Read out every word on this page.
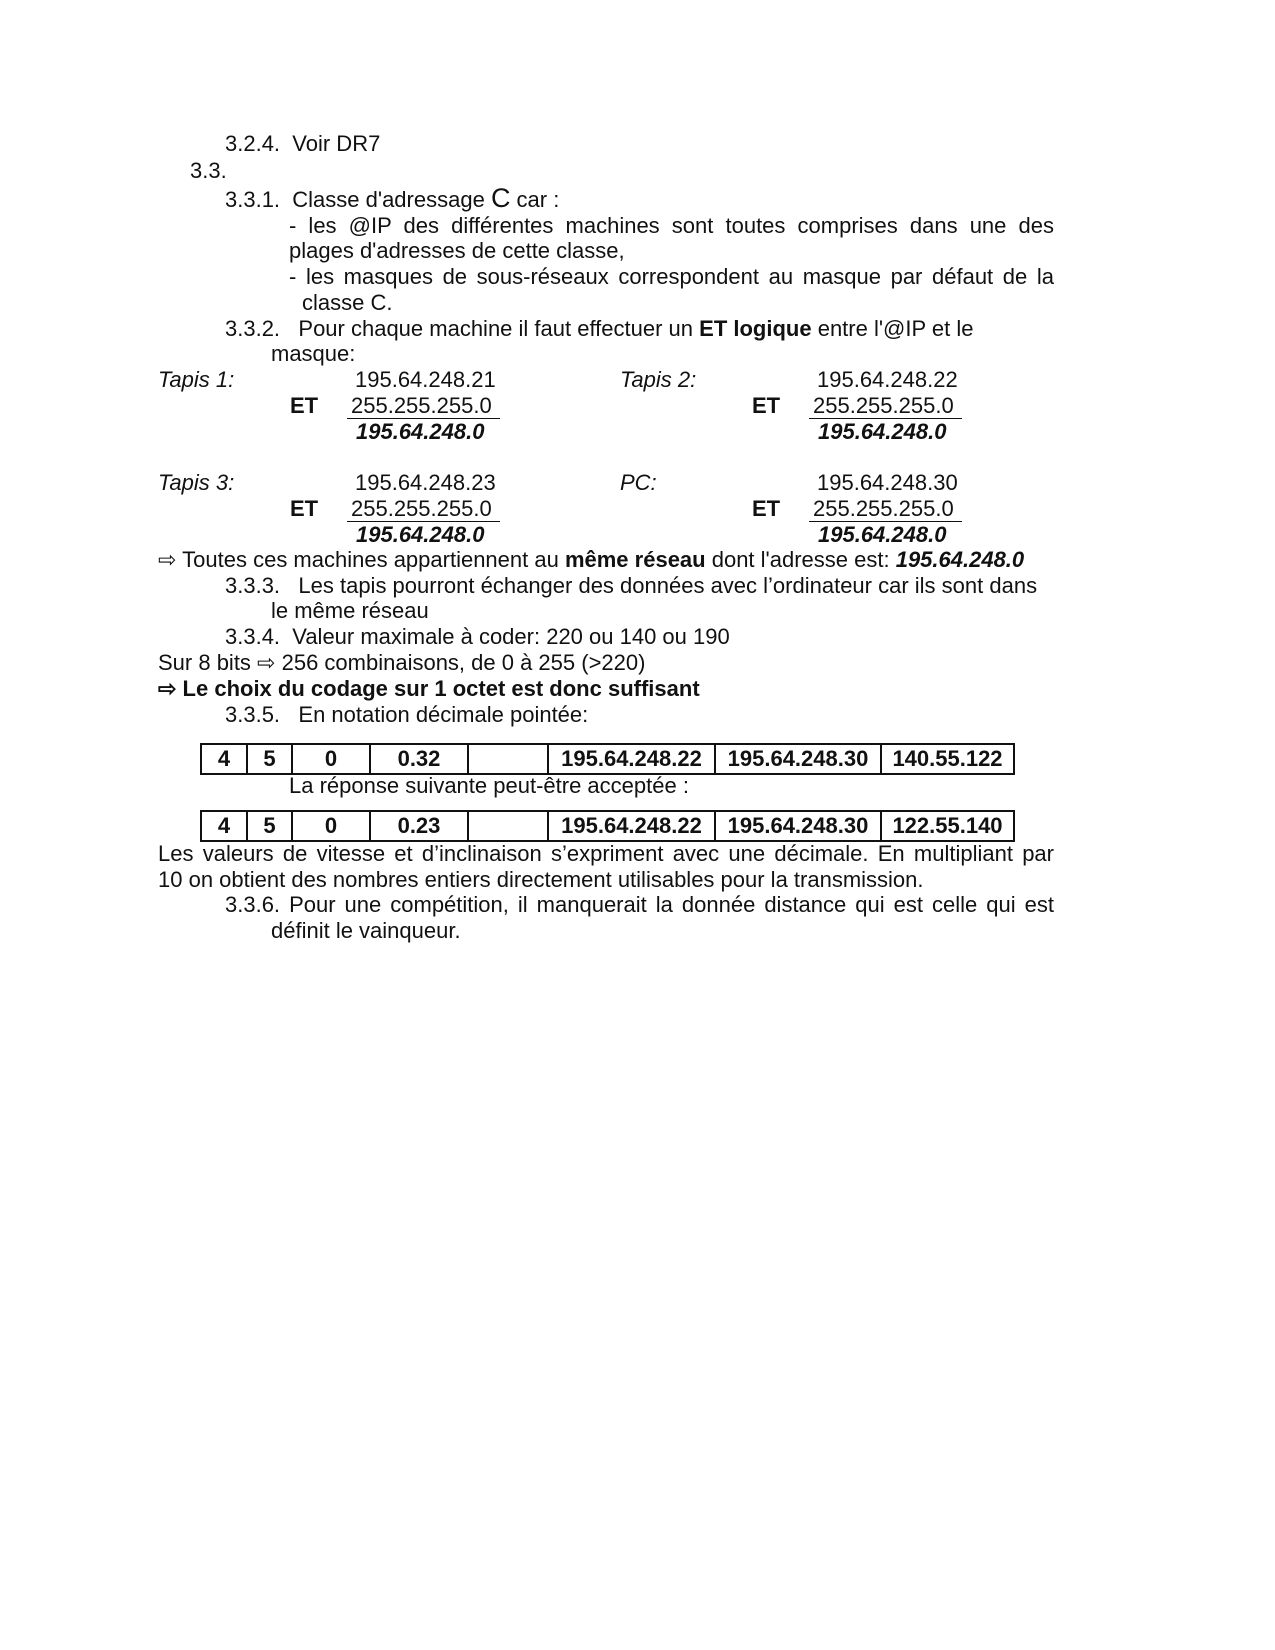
3.2.4. Voir DR7
3.3.
3.3.1. Classe d'adressage C car :
- les @IP des différentes machines sont toutes comprises dans une des
plages d'adresses de cette classe,
- les masques de sous-réseaux correspondent au masque par défaut de la
classe C.
3.3.2. Pour chaque machine il faut effectuer un ET logique entre l'@IP et le
masque:
Tapis 1:	195.64.248.21
ET 255.255.255.0
195.64.248.0
Tapis 2:	195.64.248.22
ET 255.255.255.0
195.64.248.0
Tapis 3:	195.64.248.23
ET 255.255.255.0
195.64.248.0
PC:	195.64.248.30
ET 255.255.255.0
195.64.248.0
⇨ Toutes ces machines appartiennent au même réseau dont l'adresse est: 195.64.248.0
3.3.3. Les tapis pourront échanger des données avec l’ordinateur car ils sont dans
le même réseau
3.3.4. Valeur maximale à coder: 220 ou 140 ou 190
Sur 8 bits ⇨ 256 combinaisons, de 0 à 255 (>220)
⇨ Le choix du codage sur 1 octet est donc suffisant
3.3.5. En notation décimale pointée:
4	5	0	0.32		195.64.248.22	195.64.248.30	140.55.122
La réponse suivante peut-être acceptée :
4	5	0	0.23		195.64.248.22	195.64.248.30	122.55.140
Les valeurs de vitesse et d’inclinaison s’expriment avec une décimale. En multipliant par
10 on obtient des nombres entiers directement utilisables pour la transmission.
3.3.6. Pour une compétition, il manquerait la donnée distance qui est celle qui est
définit le vainqueur.
